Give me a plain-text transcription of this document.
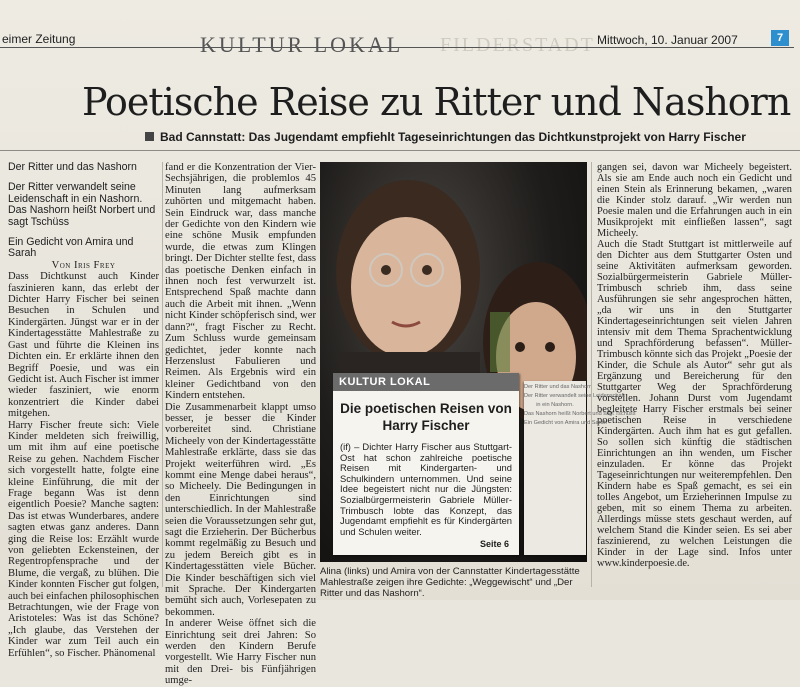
eimer Zeitung	KULTUR LOKAL FILDERSTADT Mittwoch, 10. Januar 2007	7
Poetische Reise zu Ritter und Nashorn
Bad Cannstatt: Das Jugendamt empfiehlt Tageseinrichtungen das Dichtkunstprojekt von Harry Fischer

Der Ritter und das Nashorn

Der Ritter verwandelt seine Leidenschaft in ein Nashorn.

Das Nashorn heißt Norbert und sagt Tschüss

Ein Gedicht von Amira und Sarah

Von Iris Frey

Dass Dichtkunst auch Kinder faszinieren kann, das erlebt der Dichter Harry Fischer bei seinen Besuchen in Schulen und Kindergärten. Jüngst war er in der Kindertagesstätte Mahlestraße zu Gast und führte die Kleinen ins Dichten ein. Er erklärte ihnen den Begriff Poesie, und was ein Gedicht ist. Auch Fischer ist immer wieder fasziniert, wie enorm konzentriert die Kinder dabei mitgehen.

Harry Fischer freute sich: Viele Kinder meldeten sich freiwillig, um mit ihm auf eine poetische Reise zu gehen. Nachdem Fischer sich vorgestellt hatte, folgte eine kleine Einführung, die mit der Frage begann Was ist denn eigentlich Poesie? Manche sagten: Das ist etwas Wunderbares, andere sagten etwas ganz anderes. Dann ging die Reise los: Erzählt wurde von geliebten Eckensteinen, der Regentropfensprache und der Blume, die vergaß, zu blühen. Die Kinder konnten Fischer gut folgen, auch bei einfachen philosophischen Betrachtungen, wie der Frage von Aristoteles: Was ist das Schöne? „Ich glaube, das Verstehen der Kinder war zum Teil auch ein Erfühlen“, so Fischer. Phänomenal

fand er die Konzentration der Vier-Sechsjährigen, die problemlos 45 Minuten lang aufmerksam zuhörten und mitgemacht haben. Sein Eindruck war, dass manche der Gedichte von den Kindern wie eine schöne Musik empfunden wurde, die etwas zum Klingen bringt. Der Dichter stellte fest, dass das poetische Denken einfach in ihnen noch fest verwurzelt ist. Entsprechend Spaß machte dann auch die Arbeit mit ihnen. „Wenn nicht Kinder schöpferisch sind, wer dann?“, fragt Fischer zu Recht. Zum Schluss wurde gemeinsam gedichtet, jeder konnte nach Herzenslust Fabulieren und Reimen. Als Ergebnis wird ein kleiner Gedichtband von den Kindern entstehen.

Die Zusammenarbeit klappt umso besser, je besser die Kinder vorbereitet sind. Christiane Micheely von der Kindertagesstätte Mahlestraße erklärte, dass sie das Projekt weiterführen wird. „Es kommt eine Menge dabei heraus“, so Micheely. Die Bedingungen in den Einrichtungen sind unterschiedlich. In der Mahlestraße seien die Voraussetzungen sehr gut, sagt die Erzieherin. Der Bücherbus kommt regelmäßig zu Besuch und zu jedem Bereich gibt es in Kindertagesstätten viele Bücher. Die Kinder beschäftigen sich viel mit Sprache. Der Kindergarten bemüht sich auch, Vorlesepaten zu bekommen.

In anderer Weise öffnet sich die Einrichtung seit drei Jahren: So werden den Kindern Berufe vorgestellt. Wie Harry Fischer nun mit den Drei- bis Fünfjährigen umge-

KULTUR LOKAL
Die poetischen Reisen von Harry Fischer
(if) – Dichter Harry Fischer aus Stuttgart-Ost hat schon zahlreiche poetische Reisen mit Kindergarten- und Schulkindern unternommen. Und seine Idee begeistert nicht nur die Jüngsten: Sozialbürgermeisterin Gabriele Müller-Trimbusch lobte das Konzept, das Jugendamt empfiehlt es für Kindergärten und Schulen weiter.
Seite 6
Der Ritter und das Nashorn
Der Ritter verwandelt seine Leidenschaft
in ein Nashorn.
Das Nashorn heißt Norbert und sagt Tschüss
Ein Gedicht von Amira und Sarah
Alina (links) und Amira von der Cannstatter Kindertagesstätte Mahlestraße zeigen ihre Gedichte: „Weggewischt“ und „Der Ritter und das Nashorn“.

gangen sei, davon war Micheely begeistert. Als sie am Ende auch noch ein Gedicht und einen Stein als Erinnerung bekamen, „waren die Kinder stolz darauf. „Wir werden nun Poesie malen und die Erfahrungen auch in ein Musikprojekt mit einfließen lassen“, sagt Micheely.

Auch die Stadt Stuttgart ist mittlerweile auf den Dichter aus dem Stuttgarter Osten und seine Aktivitäten aufmerksam geworden. Sozialbürgermeisterin Gabriele Müller-Trimbusch schrieb ihm, dass seine Ausführungen sie sehr angesprochen hätten, „da wir uns in den Stuttgarter Kindertageseinrichtungen seit vielen Jahren intensiv mit dem Thema Sprachentwicklung und Sprachförderung befassen“. Müller-Trimbusch könnte sich das Projekt „Poesie der Kinder, die Schule als Autor“ sehr gut als Ergänzung und Bereicherung für den Stuttgarter Weg der Sprachförderung vorstellen. Johann Durst vom Jugendamt begleitete Harry Fischer erstmals bei seiner poetischen Reise in verschiedene Kindergärten. Auch ihm hat es gut gefallen. So sollen sich künftig die städtischen Einrichtungen an ihn wenden, um Fischer einzuladen. Er könne das Projekt Tageseinrichtungen nur weiterempfehlen. Den Kindern habe es Spaß gemacht, es sei ein tolles Angebot, um Erzieherinnen Impulse zu geben, mit so einem Thema zu arbeiten. Allerdings müsse stets geschaut werden, auf welchem Stand die Kinder seien. Es sei aber faszinierend, zu welchen Leistungen die Kinder in der Lage sind. Infos unter www.kinderpoesie.de.
